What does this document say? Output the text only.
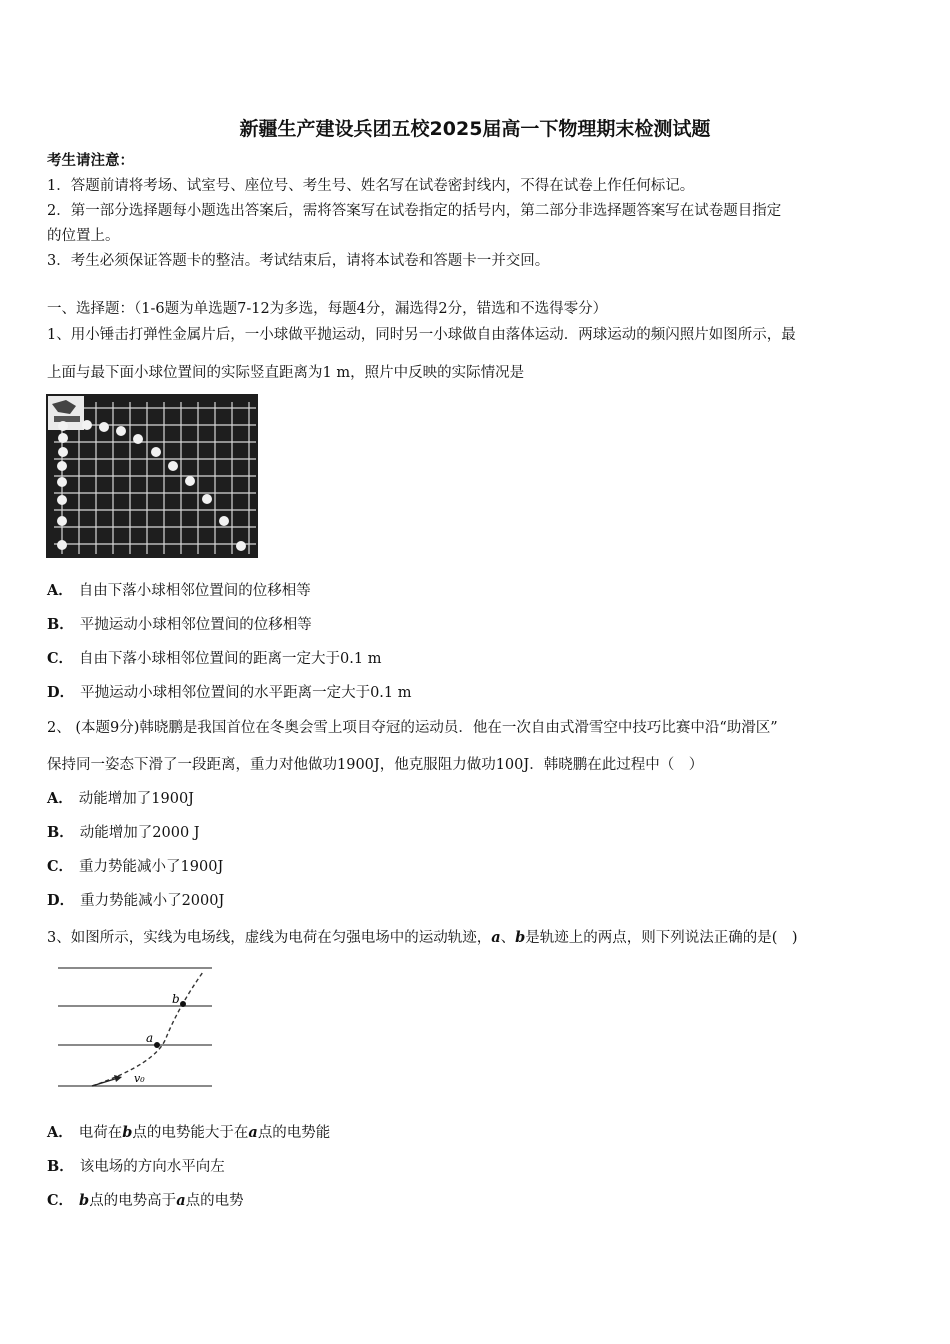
新疆生产建设兵团五校2025届高一下物理期末检测试题
考生请注意：
1．答题前请将考场、试室号、座位号、考生号、姓名写在试卷密封线内，不得在试卷上作任何标记。
2．第一部分选择题每小题选出答案后，需将答案写在试卷指定的括号内，第二部分非选择题答案写在试卷题目指定
的位置上。
3．考生必须保证答题卡的整洁。考试结束后，请将本试卷和答题卡一并交回。
一、选择题：（1-6题为单选题7-12为多选，每题4分，漏选得2分，错选和不选得零分）
1、用小锤击打弹性金属片后，一小球做平抛运动，同时另一小球做自由落体运动．两球运动的频闪照片如图所示，最
上面与最下面小球位置间的实际竖直距离为1 m，照片中反映的实际情况是
A． 自由下落小球相邻位置间的位移相等
B． 平抛运动小球相邻位置间的位移相等
C． 自由下落小球相邻位置间的距离一定大于0.1 m
D． 平抛运动小球相邻位置间的水平距离一定大于0.1 m
2、 (本题9分)韩晓鹏是我国首位在冬奥会雪上项目夺冠的运动员．他在一次自由式滑雪空中技巧比赛中沿“助滑区”
保持同一姿态下滑了一段距离，重力对他做功1900J，他克服阻力做功100J．韩晓鹏在此过程中（　）
A． 动能增加了1900J
B． 动能增加了2000 J
C． 重力势能减小了1900J
D． 重力势能减小了2000J
3、如图所示，实线为电场线，虚线为电荷在匀强电场中的运动轨迹，a、b是轨迹上的两点，则下列说法正确的是(　)
b
a
v₀
A． 电荷在b点的电势能大于在a点的电势能
B． 该电场的方向水平向左
C． b点的电势高于a点的电势
